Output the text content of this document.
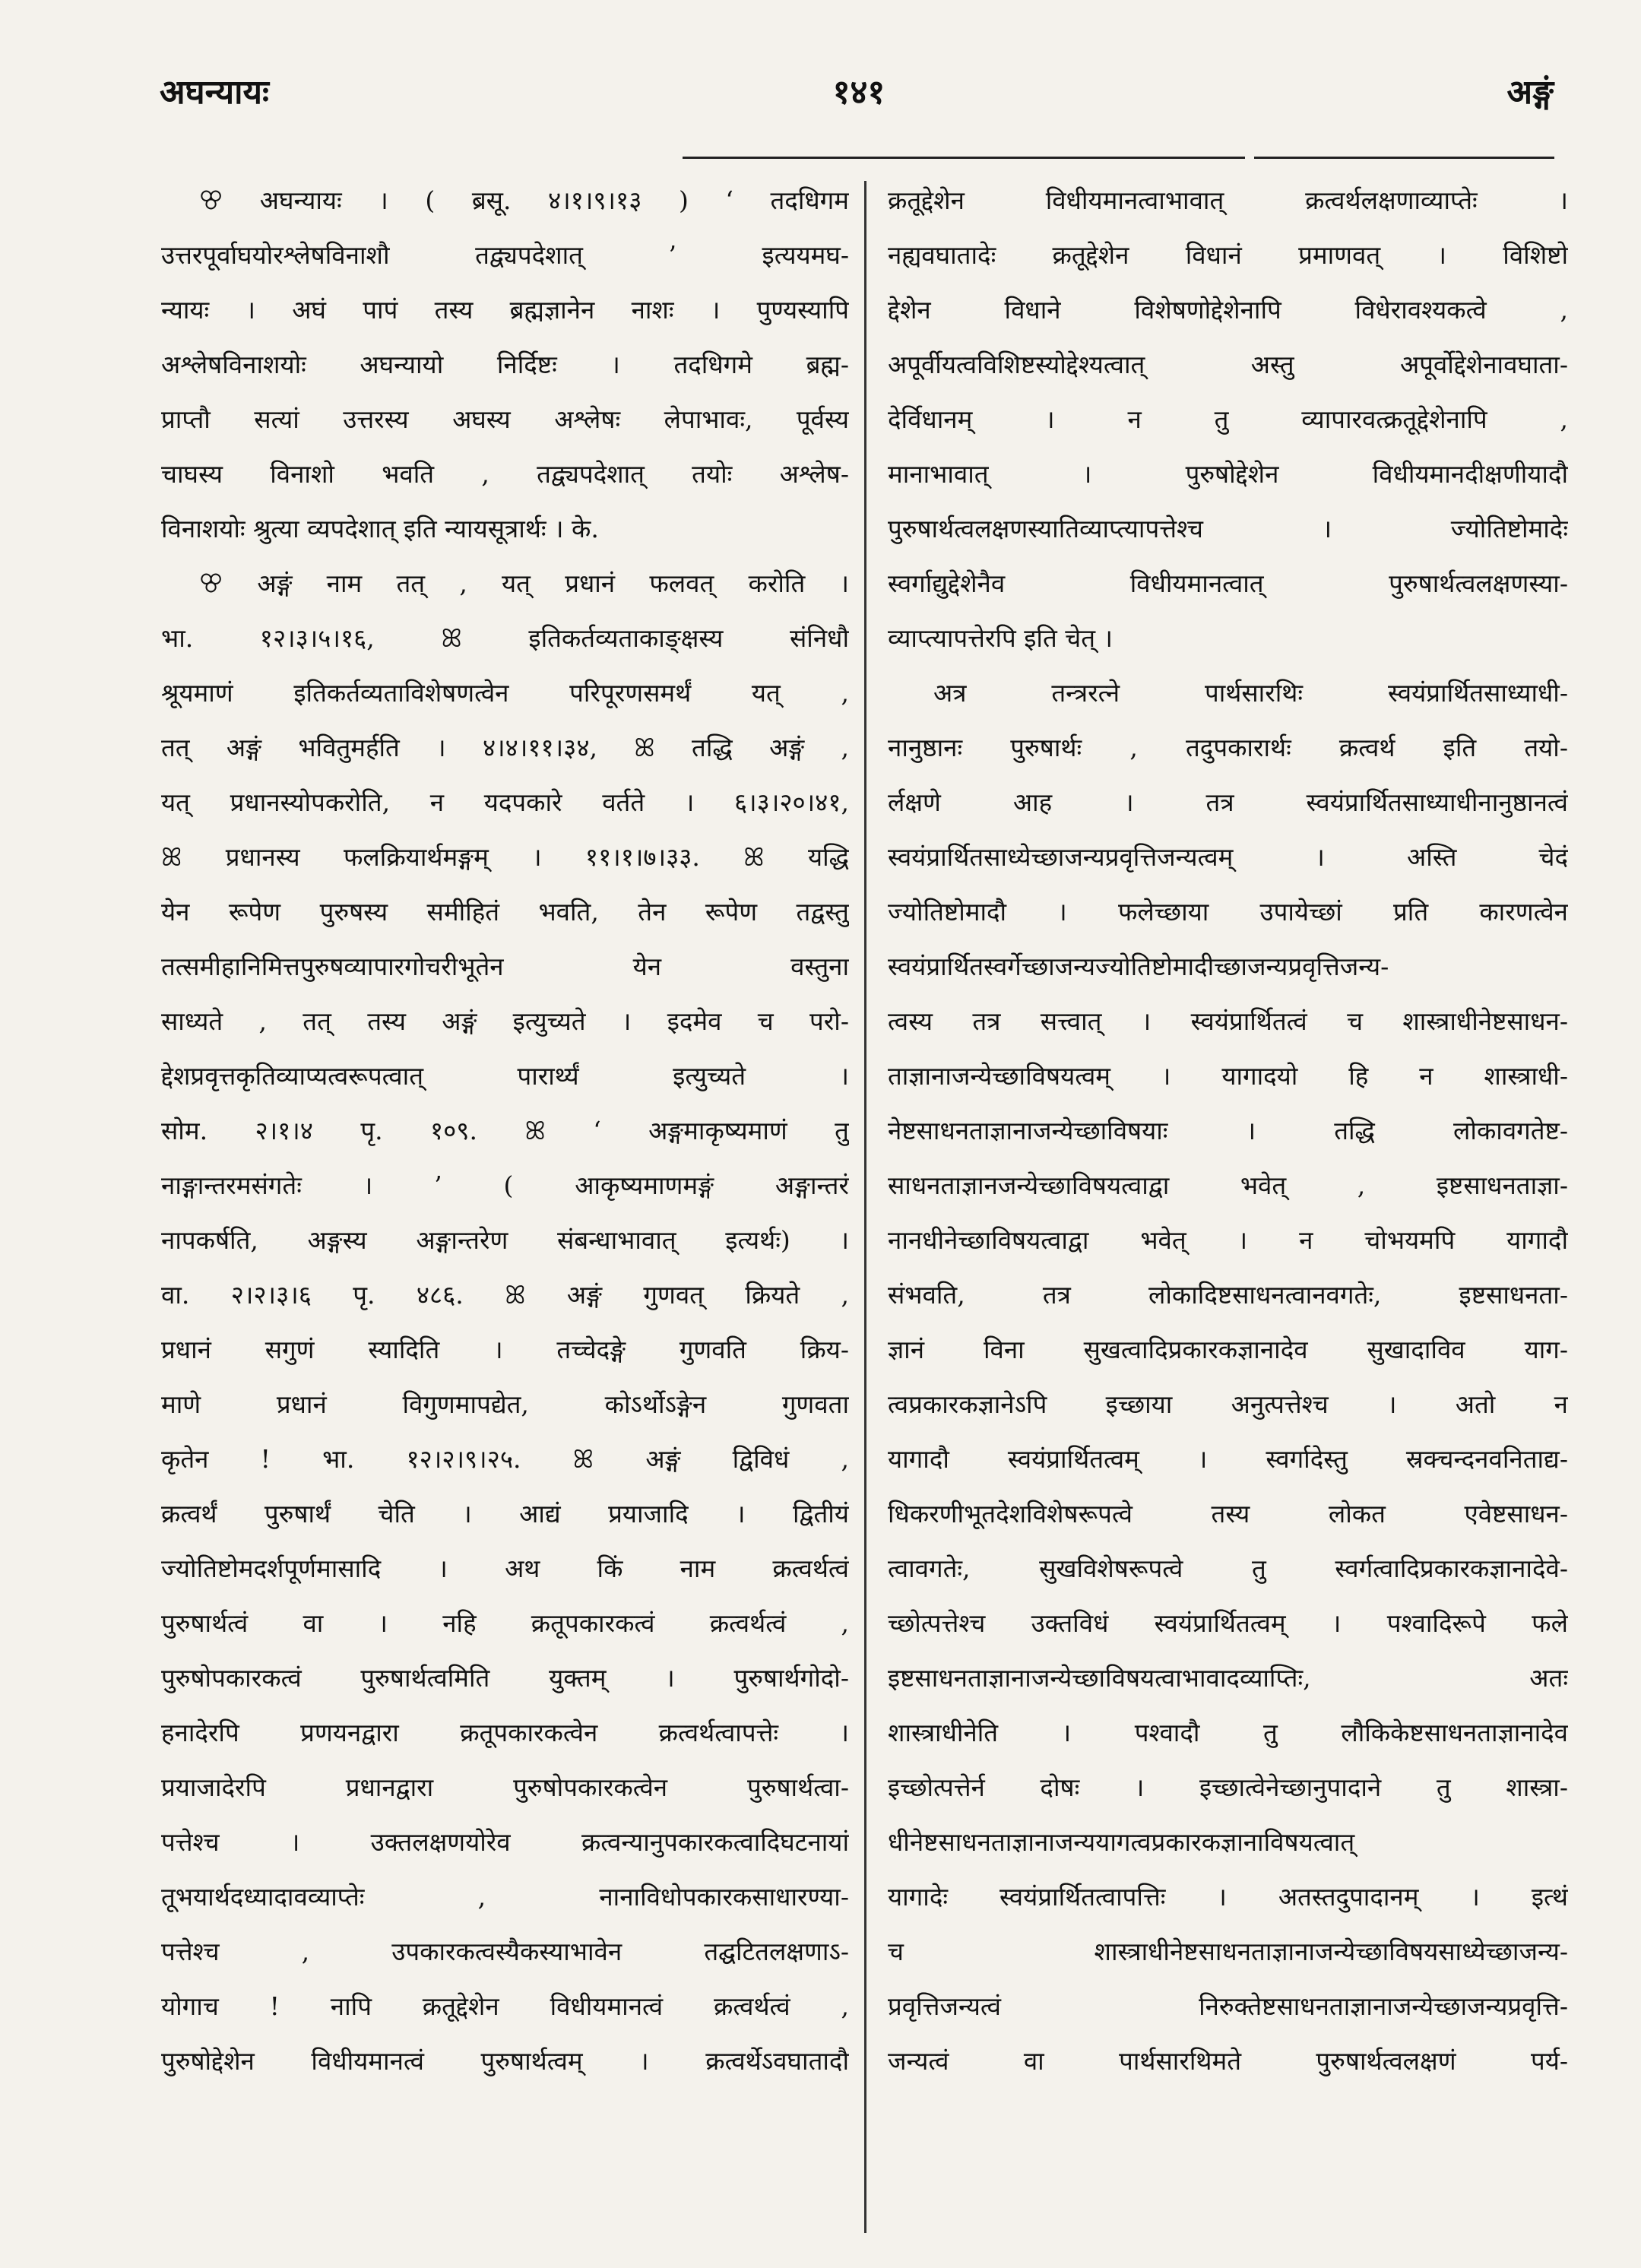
अघन्यायः	१४१	अङ्गं
ꕢ अघन्यायः । ( ब्रसू. ४।१।९।१३ ) ‘ तदधिगम
उत्तरपूर्वाघयोरश्लेषविनाशौ तद्व्यपदेशात् ’ इत्ययमघ-
न्यायः । अघं पापं तस्य ब्रह्मज्ञानेन नाशः । पुण्यस्यापि
अश्लेषविनाशयोः अघन्यायो निर्दिष्टः । तदधिगमे ब्रह्म-
प्राप्तौ सत्यां उत्तरस्य अघस्य अश्लेषः लेपाभावः, पूर्वस्य
चाघस्य विनाशो भवति , तद्व्यपदेशात् तयोः अश्लेष-
विनाशयोः श्रुत्या व्यपदेशात् इति न्यायसूत्रार्थः । के.
ꕢ अङ्गं नाम तत् , यत् प्रधानं फलवत् करोति ।
भा. १२।३।५।१६, ꕤ इतिकर्तव्यताकाङ्क्षस्य संनिधौ
श्रूयमाणं इतिकर्तव्यताविशेषणत्वेन परिपूरणसमर्थं यत् ,
तत् अङ्गं भवितुमर्हति । ४।४।११।३४, ꕤ तद्धि अङ्गं ,
यत् प्रधानस्योपकरोति, न यदपकारे वर्तते । ६।३।२०।४१,
ꕤ प्रधानस्य फलक्रियार्थमङ्गम् । ११।१।७।३३. ꕤ यद्धि
येन रूपेण पुरुषस्य समीहितं भवति, तेन रूपेण तद्वस्तु
तत्समीहानिमित्तपुरुषव्यापारगोचरीभूतेन येन वस्तुना
साध्यते , तत् तस्य अङ्गं इत्युच्यते । इदमेव च परो-
द्देशप्रवृत्तकृतिव्याप्यत्वरूपत्वात् पारार्थ्यं इत्युच्यते ।
सोम. २।१।४ पृ. १०९. ꕤ ‘ अङ्गमाकृष्यमाणं तु
नाङ्गान्तरमसंगतेः । ’ ( आकृष्यमाणमङ्गं अङ्गान्तरं
नापकर्षति, अङ्गस्य अङ्गान्तरेण संबन्धाभावात् इत्यर्थः) ।
वा. २।२।३।६ पृ. ४८६. ꕤ अङ्गं गुणवत् क्रियते ,
प्रधानं सगुणं स्यादिति । तच्चेदङ्गे गुणवति क्रिय-
माणे प्रधानं विगुणमापद्येत, कोऽर्थोऽङ्गेन गुणवता
कृतेन ! भा. १२।२।९।२५. ꕤ अङ्गं द्विविधं ,
क्रत्वर्थं पुरुषार्थं चेति । आद्यं प्रयाजादि । द्वितीयं
ज्योतिष्टोमदर्शपूर्णमासादि । अथ किं नाम क्रत्वर्थत्वं
पुरुषार्थत्वं वा । नहि क्रतूपकारकत्वं क्रत्वर्थत्वं ,
पुरुषोपकारकत्वं पुरुषार्थत्वमिति युक्तम् । पुरुषार्थगोदो-
हनादेरपि प्रणयनद्वारा क्रतूपकारकत्वेन क्रत्वर्थत्वापत्तेः ।
प्रयाजादेरपि प्रधानद्वारा पुरुषोपकारकत्वेन पुरुषार्थत्वा-
पत्तेश्च । उक्तलक्षणयोरेव क्रत्वन्यानुपकारकत्वादिघटनायां
तूभयार्थदध्यादावव्याप्तेः , नानाविधोपकारकसाधारण्या-
पत्तेश्च , उपकारकत्वस्यैकस्याभावेन तद्घटितलक्षणाऽ-
योगाच ! नापि क्रतूद्देशेन विधीयमानत्वं क्रत्वर्थत्वं ,
पुरुषोद्देशेन विधीयमानत्वं पुरुषार्थत्वम् । क्रत्वर्थेऽवघातादौ
क्रतूद्देशेन विधीयमानत्वाभावात् क्रत्वर्थलक्षणाव्याप्तेः ।
नह्यवघातादेः क्रतूद्देशेन विधानं प्रमाणवत् । विशिष्टो
द्देशेन विधाने विशेषणोद्देशेनापि विधेरावश्यकत्वे ,
अपूर्वीयत्वविशिष्टस्योद्देश्यत्वात् अस्तु अपूर्वोद्देशेनावघाता-
देर्विधानम् । न तु व्यापारवत्क्रतूद्देशेनापि ,
मानाभावात् । पुरुषोद्देशेन विधीयमानदीक्षणीयादौ
पुरुषार्थत्वलक्षणस्यातिव्याप्त्यापत्तेश्च । ज्योतिष्टोमादेः
स्वर्गाद्युद्देशेनैव विधीयमानत्वात् पुरुषार्थत्वलक्षणस्या-
व्याप्त्यापत्तेरपि इति चेत् ।
अत्र तन्त्ररत्ने पार्थसारथिः स्वयंप्रार्थितसाध्याधी-
नानुष्ठानः पुरुषार्थः , तदुपकारार्थः क्रत्वर्थ इति तयो-
र्लक्षणे आह । तत्र स्वयंप्रार्थितसाध्याधीनानुष्ठानत्वं
स्वयंप्रार्थितसाध्येच्छाजन्यप्रवृत्तिजन्यत्वम् । अस्ति चेदं
ज्योतिष्टोमादौ । फलेच्छाया उपायेच्छां प्रति कारणत्वेन
स्वयंप्रार्थितस्वर्गेच्छाजन्यज्योतिष्टोमादीच्छाजन्यप्रवृत्तिजन्य-
त्वस्य तत्र सत्त्वात् । स्वयंप्रार्थितत्वं च शास्त्राधीनेष्टसाधन-
ताज्ञानाजन्येच्छाविषयत्वम् । यागादयो हि न शास्त्राधी-
नेष्टसाधनताज्ञानाजन्येच्छाविषयाः । तद्धि लोकावगतेष्ट-
साधनताज्ञानजन्येच्छाविषयत्वाद्वा भवेत् , इष्टसाधनताज्ञा-
नानधीनेच्छाविषयत्वाद्वा भवेत् । न चोभयमपि यागादौ
संभवति, तत्र लोकादिष्टसाधनत्वानवगतेः, इष्टसाधनता-
ज्ञानं विना सुखत्वादिप्रकारकज्ञानादेव सुखादाविव याग-
त्वप्रकारकज्ञानेऽपि इच्छाया अनुत्पत्तेश्च । अतो न
यागादौ स्वयंप्रार्थितत्वम् । स्वर्गादेस्तु स्रक्चन्दनवनिताद्य-
धिकरणीभूतदेशविशेषरूपत्वे तस्य लोकत एवेष्टसाधन-
त्वावगतेः, सुखविशेषरूपत्वे तु स्वर्गत्वादिप्रकारकज्ञानादेवे-
च्छोत्पत्तेश्च उक्तविधं स्वयंप्रार्थितत्वम् । पश्वादिरूपे फले
इष्टसाधनताज्ञानाजन्येच्छाविषयत्वाभावादव्याप्तिः, अतः
शास्त्राधीनेति । पश्वादौ तु लौकिकेष्टसाधनताज्ञानादेव
इच्छोत्पत्तेर्न दोषः । इच्छात्वेनेच्छानुपादाने तु शास्त्रा-
धीनेष्टसाधनताज्ञानाजन्ययागत्वप्रकारकज्ञानाविषयत्वात्
यागादेः स्वयंप्रार्थितत्वापत्तिः । अतस्तदुपादानम् । इत्थं
च शास्त्राधीनेष्टसाधनताज्ञानाजन्येच्छाविषयसाध्येच्छाजन्य-
प्रवृत्तिजन्यत्वं निरुक्तेष्टसाधनताज्ञानाजन्येच्छाजन्यप्रवृत्ति-
जन्यत्वं वा पार्थसारथिमते पुरुषार्थत्वलक्षणं पर्य-
